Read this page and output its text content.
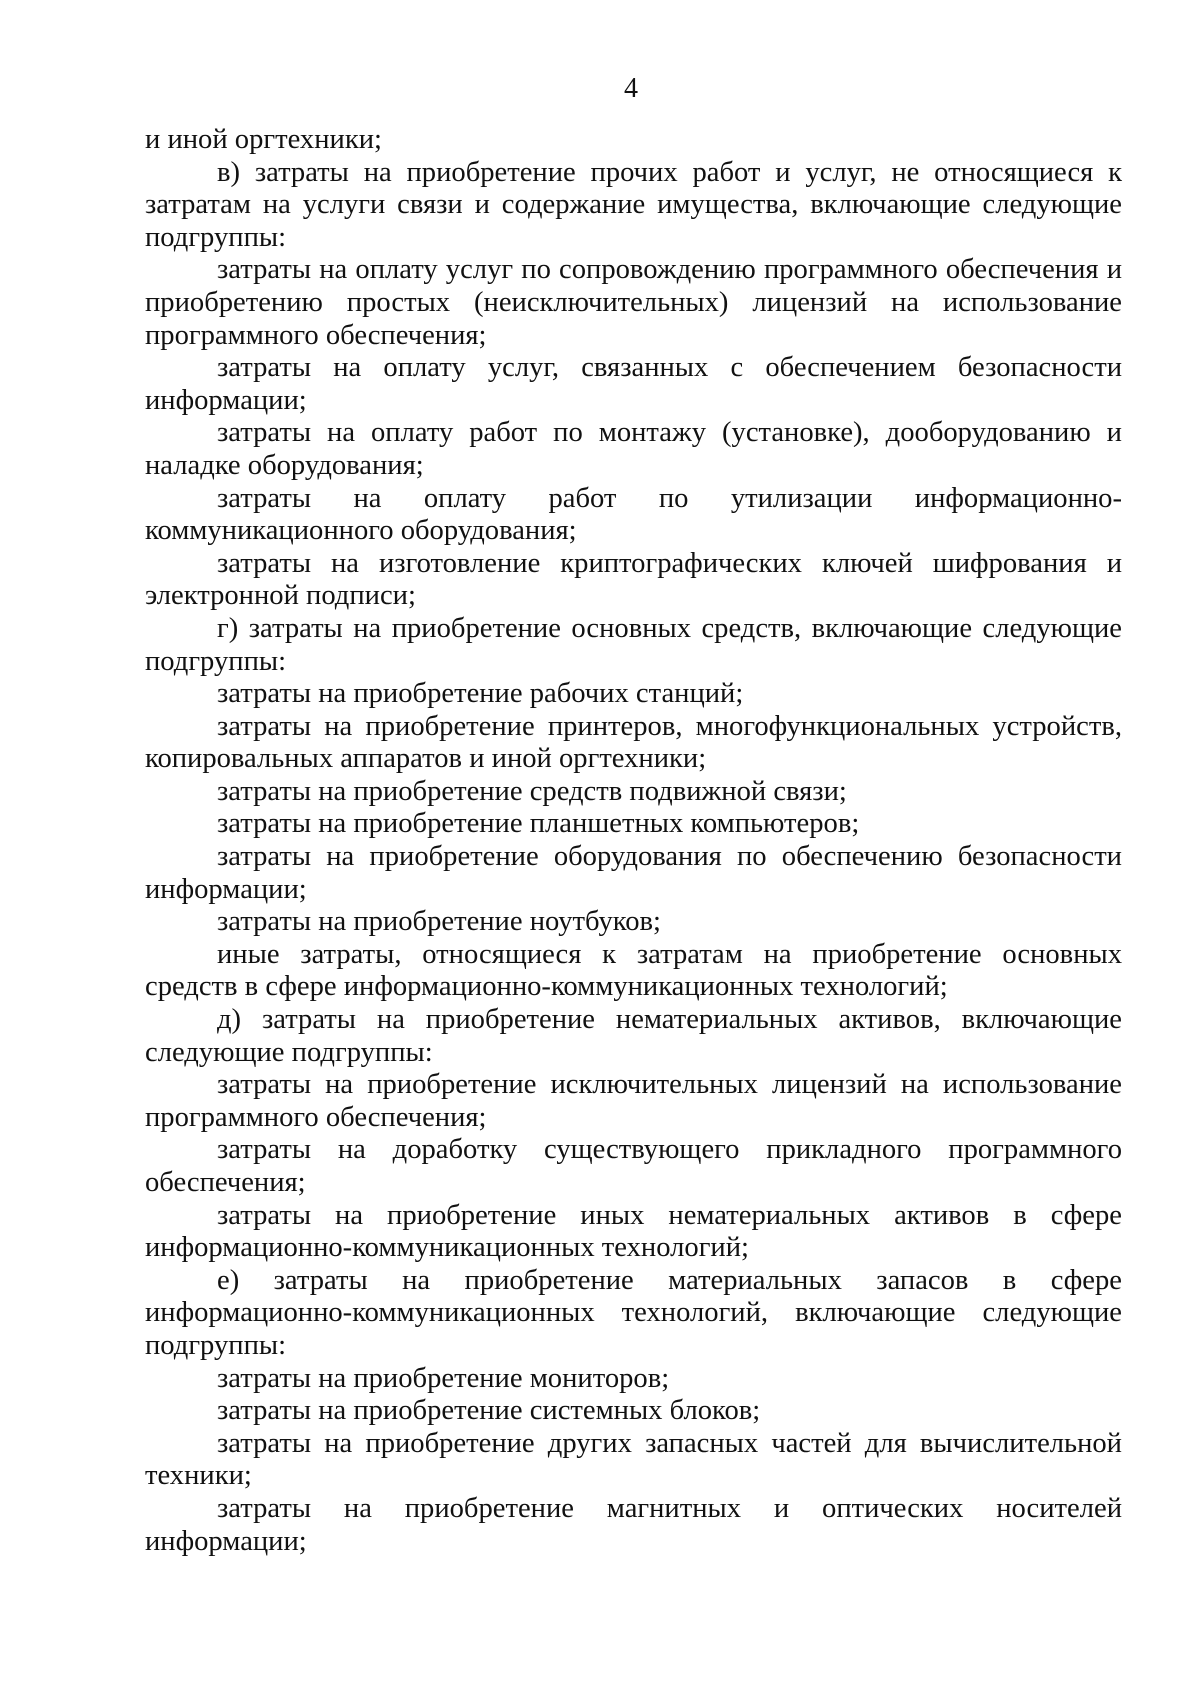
4

и иной оргтехники;

в) затраты на приобретение прочих работ и услуг, не относящиеся к затратам на услуги связи и содержание имущества, включающие следующие подгруппы:

затраты на оплату услуг по сопровождению программного обеспечения и приобретению простых (неисключительных) лицензий на использование программного обеспечения;

затраты на оплату услуг, связанных с обеспечением безопасности информации;

затраты на оплату работ по монтажу (установке), дооборудованию и наладке оборудования;

затраты на оплату работ по утилизации информационно-коммуникационного оборудования;

затраты на изготовление криптографических ключей шифрования и электронной подписи;

г) затраты на приобретение основных средств, включающие следующие подгруппы:

затраты на приобретение рабочих станций;

затраты на приобретение принтеров, многофункциональных устройств, копировальных аппаратов и иной оргтехники;

затраты на приобретение средств подвижной связи;

затраты на приобретение планшетных компьютеров;

затраты на приобретение оборудования по обеспечению безопасности информации;

затраты на приобретение ноутбуков;

иные затраты, относящиеся к затратам на приобретение основных средств в сфере информационно-коммуникационных технологий;

д) затраты на приобретение нематериальных активов, включающие следующие подгруппы:

затраты на приобретение исключительных лицензий на использование программного обеспечения;

затраты на доработку существующего прикладного программного обеспечения;

затраты на приобретение иных нематериальных активов в сфере информационно-коммуникационных технологий;

е) затраты на приобретение материальных запасов в сфере информационно-коммуникационных технологий, включающие следующие подгруппы:

затраты на приобретение мониторов;

затраты на приобретение системных блоков;

затраты на приобретение других запасных частей для вычислительной техники;

затраты на приобретение магнитных и оптических носителей информации;
